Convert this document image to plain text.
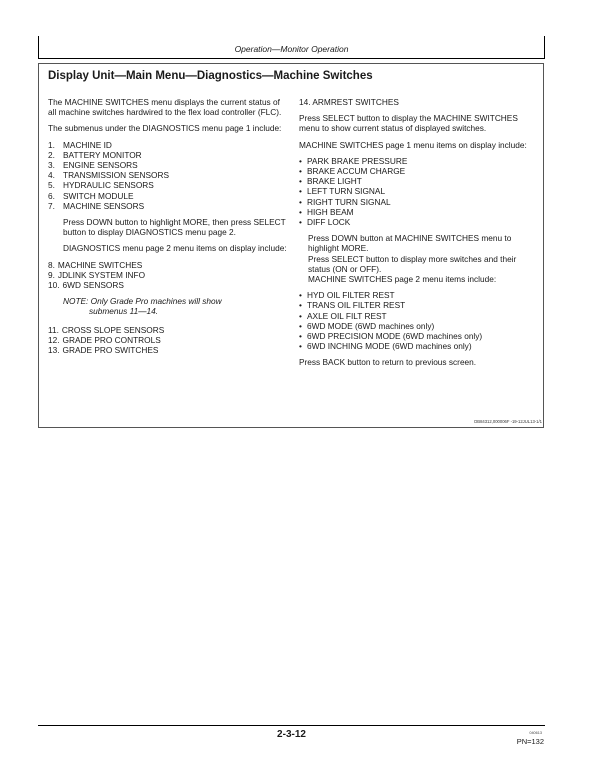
Operation—Monitor Operation
Display Unit—Main Menu—Diagnostics—Machine Switches

The MACHINE SWITCHES menu displays the current status of all machine switches hardwired to the flex load controller (FLC).

The submenus under the DIAGNOSTICS menu page 1 include:

1. MACHINE ID
2. BATTERY MONITOR
3. ENGINE SENSORS
4. TRANSMISSION SENSORS
5. HYDRAULIC SENSORS
6. SWITCH MODULE
7. MACHINE SENSORS

Press DOWN button to highlight MORE, then press SELECT button to display DIAGNOSTICS menu page 2.

DIAGNOSTICS menu page 2 menu items on display include:

8. MACHINE SWITCHES
9. JDLINK SYSTEM INFO
10. 6WD SENSORS
NOTE: Only Grade Pro machines will show
submenus 11—14.
11. CROSS SLOPE SENSORS
12. GRADE PRO CONTROLS
13. GRADE PRO SWITCHES

14. ARMREST SWITCHES

Press SELECT button to display the MACHINE SWITCHES menu to show current status of displayed switches.

MACHINE SWITCHES page 1 menu items on display include:

• PARK BRAKE PRESSURE
• BRAKE ACCUM CHARGE
• BRAKE LIGHT
• LEFT TURN SIGNAL
• RIGHT TURN SIGNAL
• HIGH BEAM
• DIFF LOCK

Press DOWN button at MACHINE SWITCHES menu to highlight MORE.

Press SELECT button to display more switches and their status (ON or OFF).

MACHINE SWITCHES page 2 menu items include:

• HYD OIL FILTER REST
• TRANS OIL FILTER REST
• AXLE OIL FILT REST
• 6WD MODE (6WD machines only)
• 6WD PRECISION MODE (6WD machines only)
• 6WD INCHING MODE (6WD machines only)

Press BACK button to return to previous screen.

DB84312,000006F -19-12JUL13-1/1
2-3-12	040613
PN=132
